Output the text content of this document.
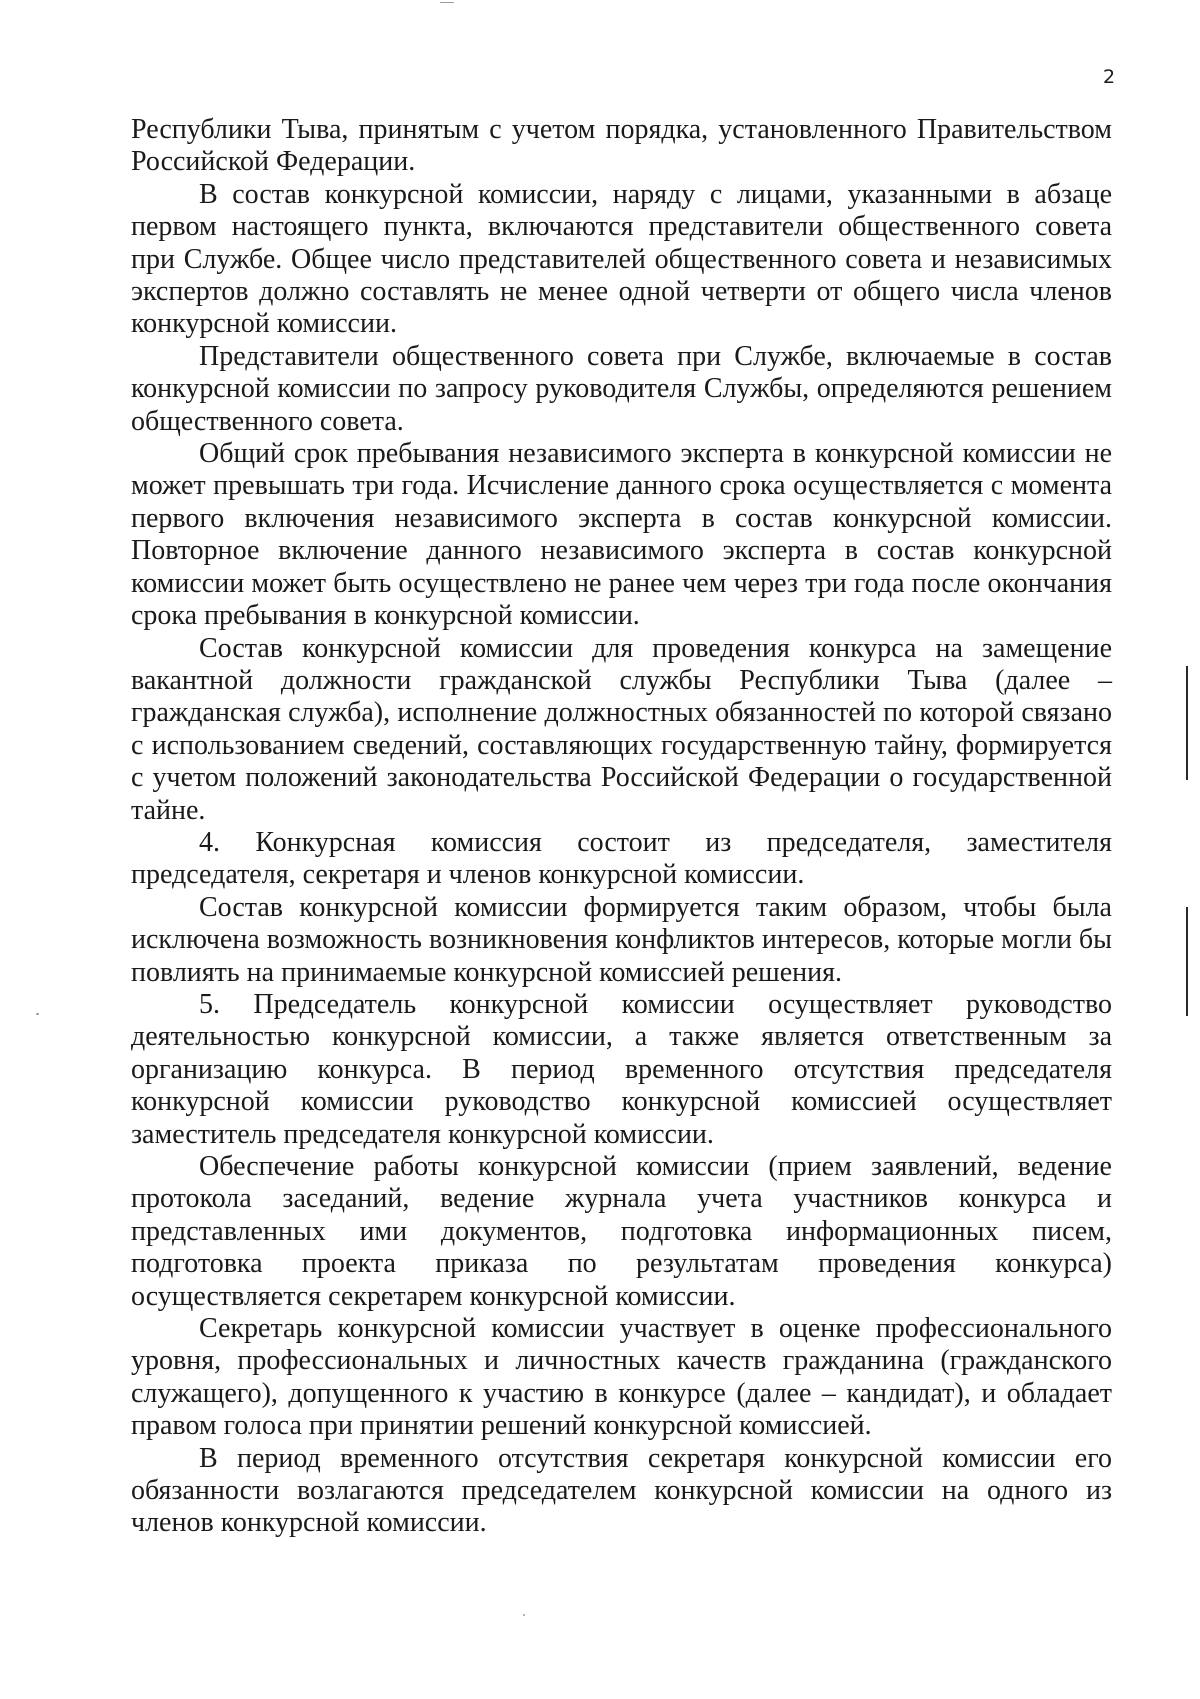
2

Республики Тыва, принятым с учетом порядка, установленного Правительством Российской Федерации.

В состав конкурсной комиссии, наряду с лицами, указанными в абзаце первом настоящего пункта, включаются представители общественного совета при Службе. Общее число представителей общественного совета и независимых экспертов должно составлять не менее одной четверти от общего числа членов конкурсной комиссии.

Представители общественного совета при Службе, включаемые в состав конкурсной комиссии по запросу руководителя Службы, определяются решением общественного совета.

Общий срок пребывания независимого эксперта в конкурсной комиссии не может превышать три года. Исчисление данного срока осуществляется с момента первого включения независимого эксперта в состав конкурсной комиссии. Повторное включение данного независимого эксперта в состав конкурсной комиссии может быть осуществлено не ранее чем через три года после окончания срока пребывания в конкурсной комиссии.

Состав конкурсной комиссии для проведения конкурса на замещение вакантной должности гражданской службы Республики Тыва (далее – гражданская служба), исполнение должностных обязанностей по которой связано с использованием сведений, составляющих государственную тайну, формируется с учетом положений законодательства Российской Федерации о государственной тайне.

4. Конкурсная комиссия состоит из председателя, заместителя председателя, секретаря и членов конкурсной комиссии.

Состав конкурсной комиссии формируется таким образом, чтобы была исключена возможность возникновения конфликтов интересов, которые могли бы повлиять на принимаемые конкурсной комиссией решения.

5. Председатель конкурсной комиссии осуществляет руководство деятельностью конкурсной комиссии, а также является ответственным за организацию конкурса. В период временного отсутствия председателя конкурсной комиссии руководство конкурсной комиссией осуществляет заместитель председателя конкурсной комиссии.

Обеспечение работы конкурсной комиссии (прием заявлений, ведение протокола заседаний, ведение журнала учета участников конкурса и представленных ими документов, подготовка информационных писем, подготовка проекта приказа по результатам проведения конкурса) осуществляется секретарем конкурсной комиссии.

Секретарь конкурсной комиссии участвует в оценке профессионального уровня, профессиональных и личностных качеств гражданина (гражданского служащего), допущенного к участию в конкурсе (далее – кандидат), и обладает правом голоса при принятии решений конкурсной комиссией.

В период временного отсутствия секретаря конкурсной комиссии его обязанности возлагаются председателем конкурсной комиссии на одного из членов конкурсной комиссии.
